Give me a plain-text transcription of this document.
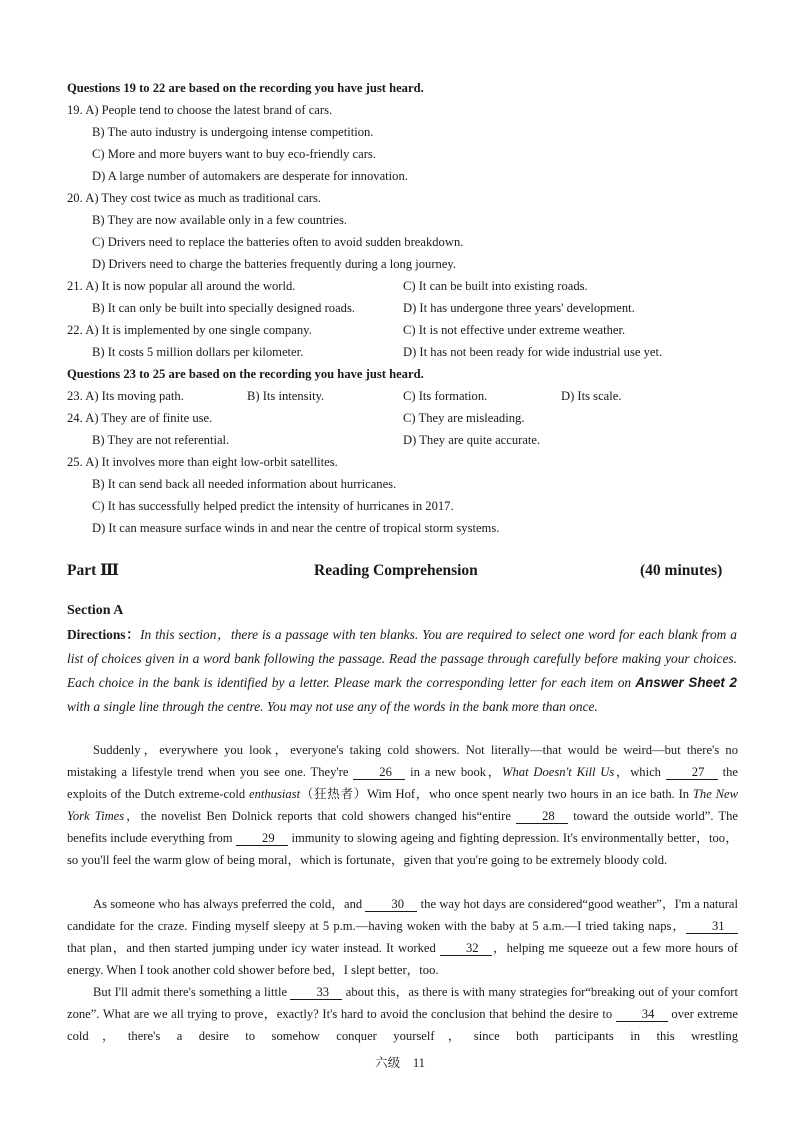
Questions 19 to 22 are based on the recording you have just heard.
19. A) People tend to choose the latest brand of cars.
B) The auto industry is undergoing intense competition.
C) More and more buyers want to buy eco-friendly cars.
D) A large number of automakers are desperate for innovation.
20. A) They cost twice as much as traditional cars.
B) They are now available only in a few countries.
C) Drivers need to replace the batteries often to avoid sudden breakdown.
D) Drivers need to charge the batteries frequently during a long journey.
21. A) It is now popular all around the world.	C) It can be built into existing roads.
B) It can only be built into specially designed roads.	D) It has undergone three years' development.
22. A) It is implemented by one single company.	C) It is not effective under extreme weather.
B) It costs 5 million dollars per kilometer.	D) It has not been ready for wide industrial use yet.
Questions 23 to 25 are based on the recording you have just heard.
23. A) Its moving path.	B) Its intensity.	C) Its formation.	D) Its scale.
24. A) They are of finite use.	C) They are misleading.
B) They are not referential.	D) They are quite accurate.
25. A) It involves more than eight low-orbit satellites.
B) It can send back all needed information about hurricanes.
C) It has successfully helped predict the intensity of hurricanes in 2017.
D) It can measure surface winds in and near the centre of tropical storm systems.
Part Ⅲ	Reading Comprehension	(40 minutes)
Section A
Directions：In this section，there is a passage with ten blanks. You are required to select one word for each blank from a list of choices given in a word bank following the passage. Read the passage through carefully before making your choices. Each choice in the bank is identified by a letter. Please mark the corresponding letter for each item on Answer Sheet 2 with a single line through the centre. You may not use any of the words in the bank more than once.
Suddenly，everywhere you look，everyone's taking cold showers. Not literally—that would be weird—but there's no mistaking a lifestyle trend when you see one. They're 26 in a new book，What Doesn't Kill Us，which 27 the exploits of the Dutch extreme-cold enthusiast（狂热者）Wim Hof，who once spent nearly two hours in an ice bath. In The New York Times，the novelist Ben Dolnick reports that cold showers changed his“entire 28 toward the outside world”. The benefits include everything from 29 immunity to slowing ageing and fighting depression. It's environmentally better，too，so you'll feel the warm glow of being moral，which is fortunate，given that you're going to be extremely bloody cold.
As someone who has always preferred the cold，and 30 the way hot days are considered“good weather”，I'm a natural candidate for the craze. Finding myself sleepy at 5 p.m.—having woken with the baby at 5 a.m.—I tried taking naps， 31 that plan，and then started jumping under icy water instead. It worked 32 ，helping me squeeze out a few more hours of energy. When I took another cold shower before bed，I slept better，too.
But I'll admit there's something a little 33 about this，as there is with many strategies for“breaking out of your comfort zone”. What are we all trying to prove，exactly? It's hard to avoid the conclusion that behind the desire to 34 over extreme cold，there's a desire to somehow conquer yourself，since both participants in this wrestling
六级 11
